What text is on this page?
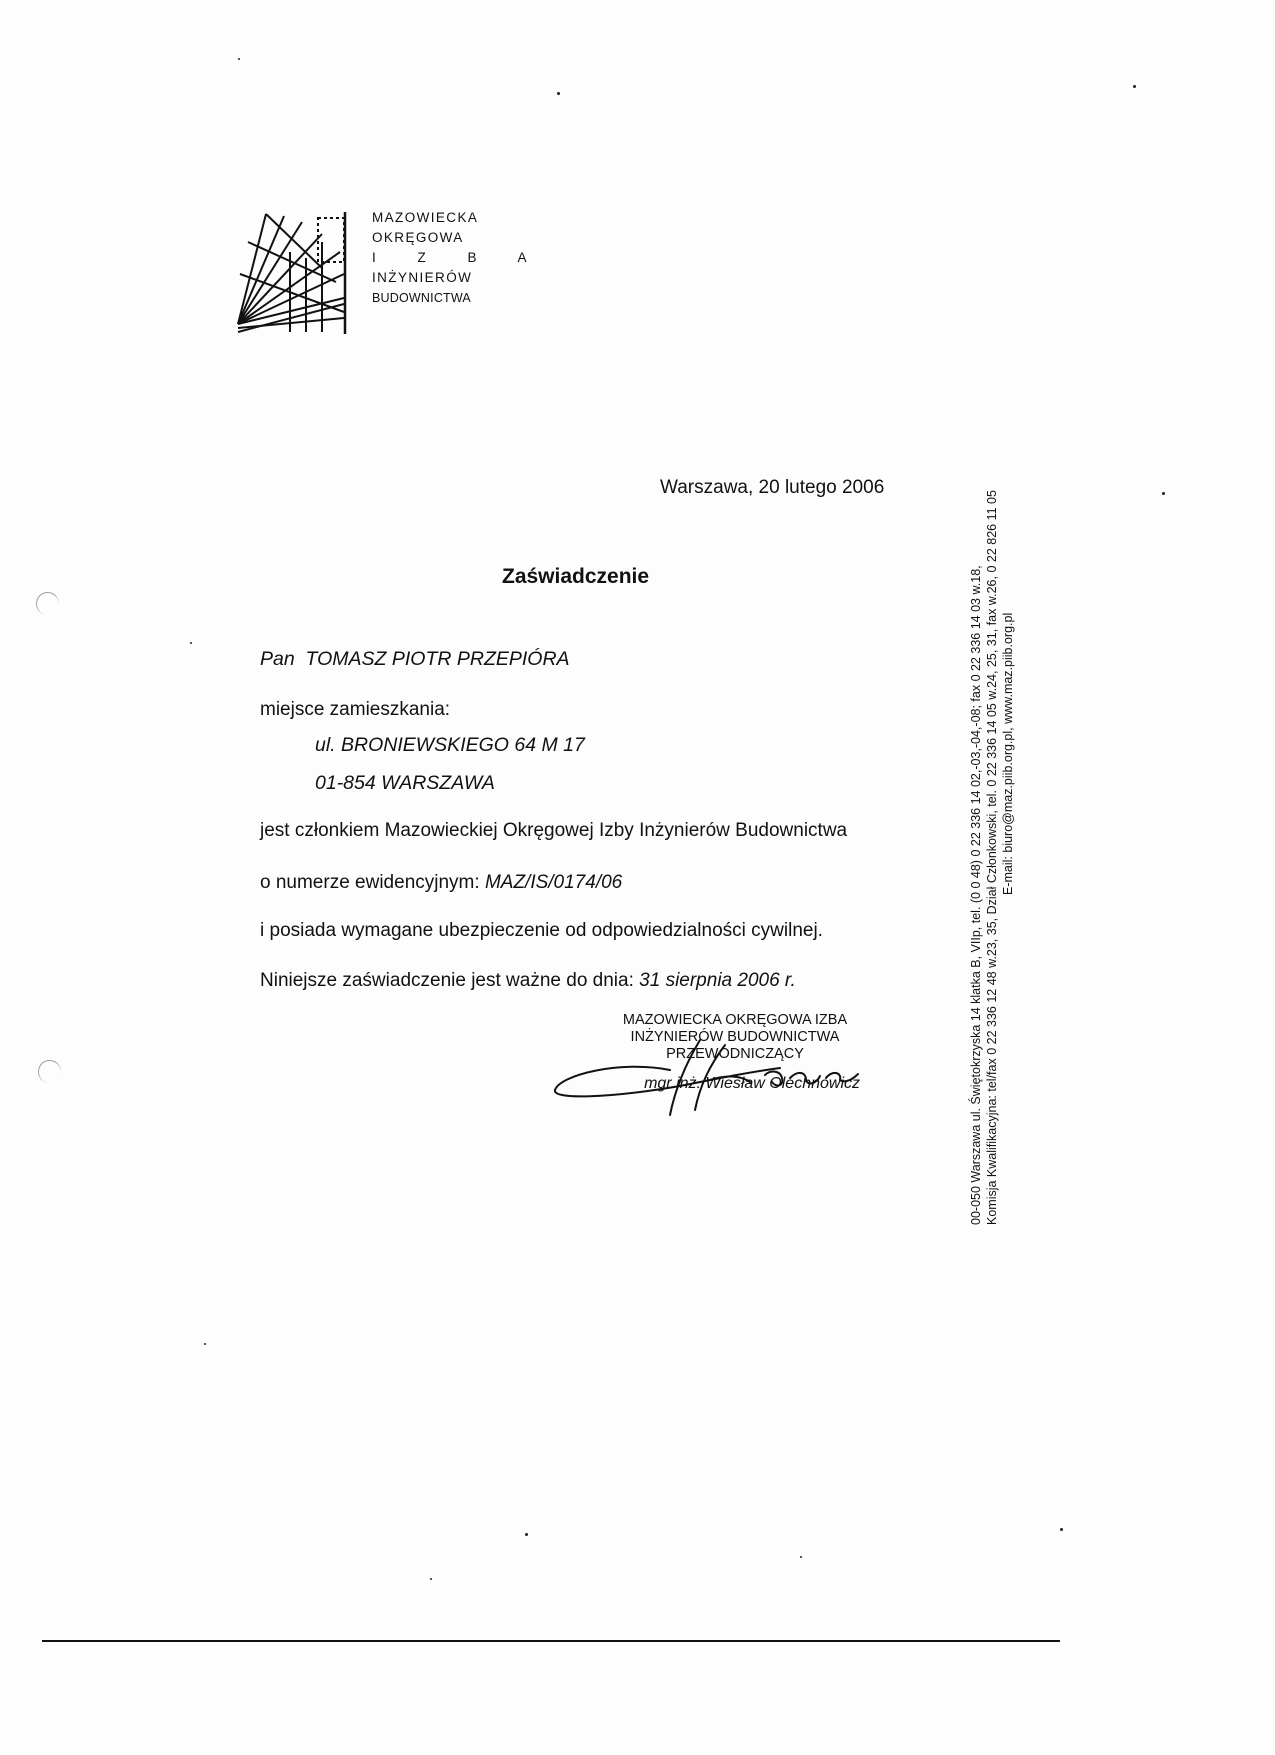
MAZOWIECKA
OKRĘGOWA
I Z B A
INŻYNIERÓW
BUDOWNICTWA
Warszawa, 20 lutego 2006
Zaświadczenie
Pan TOMASZ PIOTR PRZEPIÓRA
miejsce zamieszkania:
ul. BRONIEWSKIEGO 64 M 17
01-854 WARSZAWA
jest członkiem Mazowieckiej Okręgowej Izby Inżynierów Budownictwa
o numerze ewidencyjnym: MAZ/IS/0174/06
i posiada wymagane ubezpieczenie od odpowiedzialności cywilnej.
Niniejsze zaświadczenie jest ważne do dnia: 31 sierpnia 2006 r.
MAZOWIECKA OKRĘGOWA IZBA
INŻYNIERÓW BUDOWNICTWA
PRZEWODNICZĄCY
mgr inż. Wiesław Olechnowicz	00-050 Warszawa ul. Świętokrzyska 14 klatka B, VIIp, tel. (0 0 48) 0 22 336 14 02,-03,-04,-08; fax 0 22 336 14 03 w.18, Komisja Kwalifikacyjna: tel/fax 0 22 336 12 48 w.23, 35, Dział Członkowski, tel. 0 22 336 14 05 w.24, 25, 31, fax w.26, 0 22 826 11 05 E-mail: biuro@maz.piib.org.pl, www.maz.piib.org.pl
